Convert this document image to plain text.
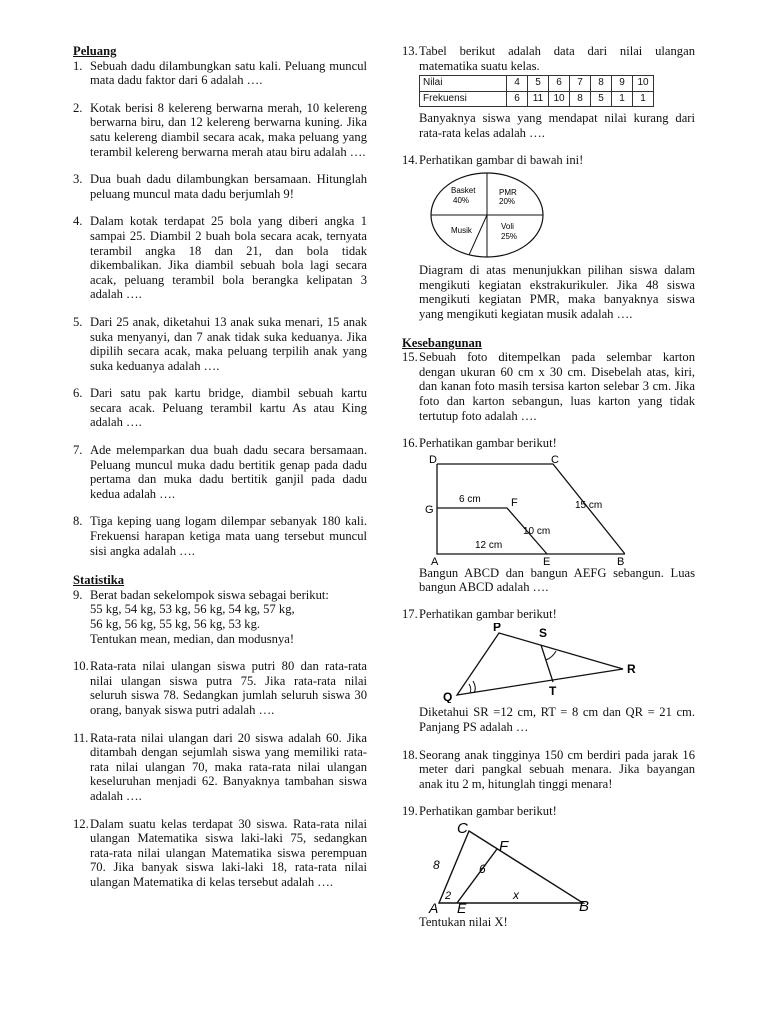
Peluang

1. Sebuah dadu dilambungkan satu kali. Peluang muncul mata dadu faktor dari 6 adalah ….

2. Kotak berisi 8 kelereng berwarna merah, 10 kelereng berwarna biru, dan 12 kelereng berwarna kuning. Jika satu kelereng diambil secara acak, maka peluang yang terambil kelereng berwarna merah atau biru adalah ….

3. Dua buah dadu dilambungkan bersamaan. Hitunglah peluang muncul mata dadu berjumlah 9!

4. Dalam kotak terdapat 25 bola yang diberi angka 1 sampai 25. Diambil 2 buah bola secara acak, ternyata terambil angka 18 dan 21, dan bola tidak dikembalikan. Jika diambil sebuah bola lagi secara acak, peluang terambil bola berangka kelipatan 3 adalah ….

5. Dari 25 anak, diketahui 13 anak suka menari, 15 anak suka menyanyi, dan 7 anak tidak suka keduanya. Jika dipilih secara acak, maka peluang terpilih anak yang suka keduanya adalah ….

6. Dari satu pak kartu bridge, diambil sebuah kartu secara acak. Peluang terambil kartu As atau King adalah ….

7. Ade melemparkan dua buah dadu secara bersamaan. Peluang muncul muka dadu bertitik genap pada dadu pertama dan muka dadu bertitik ganjil pada dadu kedua adalah ….

8. Tiga keping uang logam dilempar sebanyak 180 kali. Frekuensi harapan ketiga mata uang tersebut muncul sisi angka adalah ….

Statistika

9. Berat badan sekelompok siswa sebagai berikut:

55 kg, 54 kg, 53 kg, 56 kg, 54 kg, 57 kg,

56 kg, 56 kg, 55 kg, 56 kg, 53 kg.

Tentukan mean, median, dan modusnya!

10. Rata-rata nilai ulangan siswa putri 80 dan rata-rata nilai ulangan siswa putra 75. Jika rata-rata nilai seluruh siswa 78. Sedangkan jumlah seluruh siswa 30 orang, banyak siswa putri adalah ….

11. Rata-rata nilai ulangan dari 20 siswa adalah 60. Jika ditambah dengan sejumlah siswa yang memiliki rata-rata nilai ulangan 70, maka rata-rata nilai ulangan keseluruhan menjadi 62. Banyaknya tambahan siswa adalah ….

12. Dalam suatu kelas terdapat 30 siswa. Rata-rata nilai ulangan Matematika siswa laki-laki 75, sedangkan rata-rata nilai ulangan Matematika siswa perempuan 70. Jika banyak siswa laki-laki 18, rata-rata nilai ulangan Matematika di kelas tersebut adalah ….

13. Tabel berikut adalah data dari nilai ulangan matematika suatu kelas.

Nilai	4	5	6	7	8	9	10
Frekuensi	6	11	10	8	5	1	1

Banyaknya siswa yang mendapat nilai kurang dari rata-rata kelas adalah ….

14. Perhatikan gambar di bawah ini!

Basket
40%
PMR
20%
Voli
25%
Musik

Diagram di atas menunjukkan pilihan siswa dalam mengikuti kegiatan ekstrakurikuler. Jika 48 siswa mengikuti kegiatan PMR, maka banyaknya siswa yang mengikuti kegiatan musik adalah ….

Kesebangunan

15. Sebuah foto ditempelkan pada selembar karton dengan ukuran 60 cm x 30 cm. Disebelah atas, kiri, dan kanan foto masih tersisa karton selebar 3 cm. Jika foto dan karton sebangun, luas karton yang tidak tertutup foto adalah ….

16. Perhatikan gambar berikut!

D	C
G
F
A	E	B
6 cm
15 cm
10 cm
12 cm

Bangun ABCD dan bangun AEFG sebangun. Luas bangun ABCD adalah ….

17. Perhatikan gambar berikut!

P	S
R
T
Q

Diketahui SR =12 cm, RT = 8 cm dan QR = 21 cm. Panjang PS adalah …

18. Seorang anak tingginya 150 cm berdiri pada jarak 16 meter dari pangkal sebuah menara. Jika bayangan anak itu 2 m, hitunglah tinggi menara!

19. Perhatikan gambar berikut!

C
F
A E	B
8	6
2	x

Tentukan nilai X!
